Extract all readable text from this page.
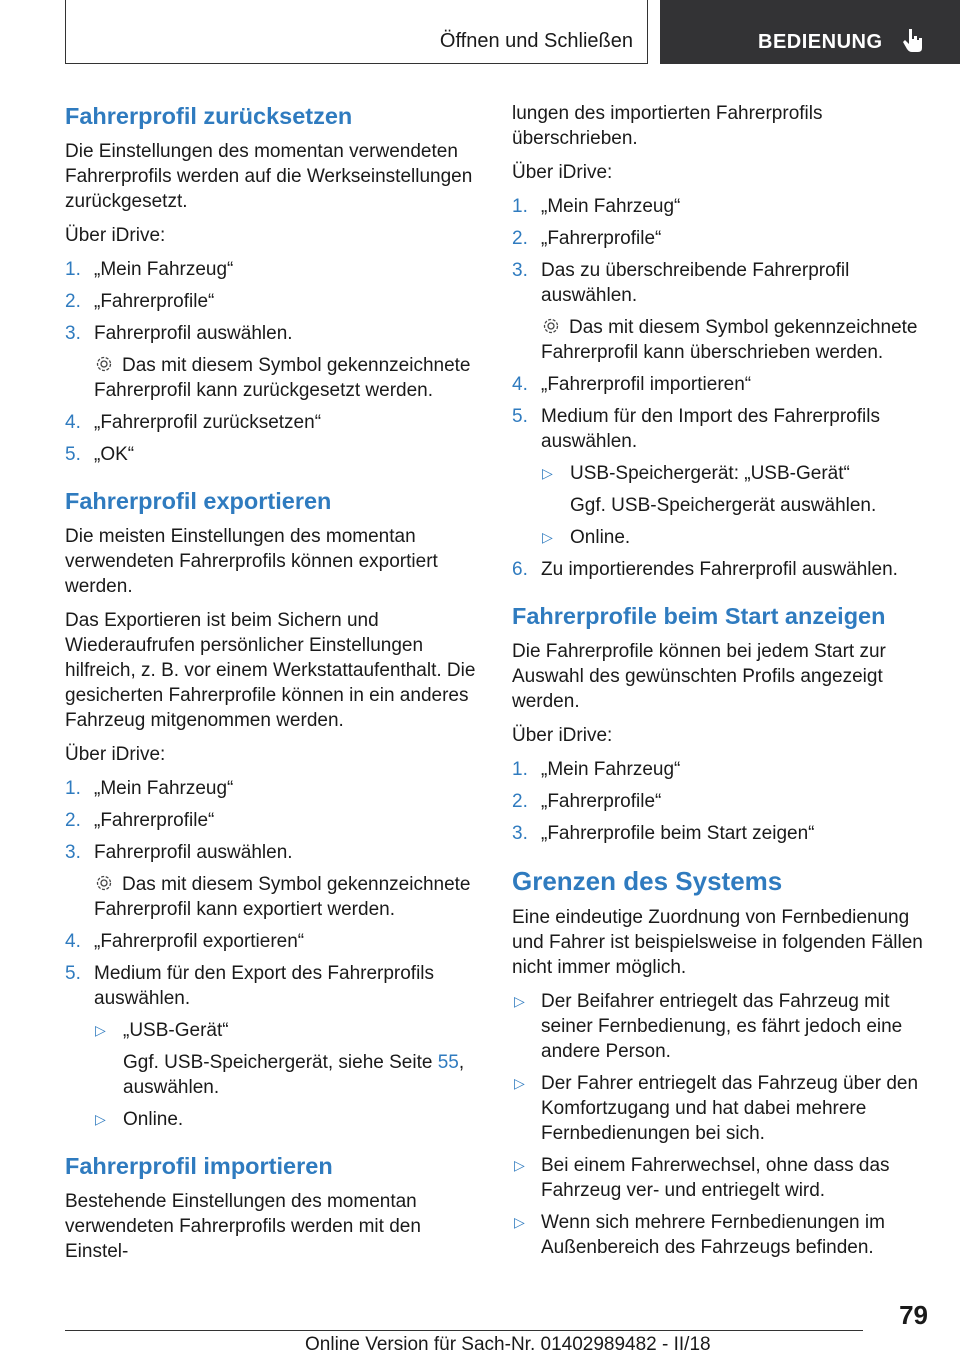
Öffnen und Schließen	BEDIENUNG
Fahrerprofil zurücksetzen

Die Einstellungen des momentan verwendeten Fahrerprofils werden auf die Werkseinstellungen zurückgesetzt.

Über iDrive:

1. „Mein Fahrzeug“
2. „Fahrerprofile“
3. Fahrerprofil auswählen.
Das mit diesem Symbol gekennzeichnete Fahrerprofil kann zurückgesetzt werden.
4. „Fahrerprofil zurücksetzen“
5. „OK“
Fahrerprofil exportieren

Die meisten Einstellungen des momentan verwendeten Fahrerprofils können exportiert werden.

Das Exportieren ist beim Sichern und Wiederaufrufen persönlicher Einstellungen hilfreich, z. B. vor einem Werkstattaufenthalt. Die gesicherten Fahrerprofile können in ein anderes Fahrzeug mitgenommen werden.

Über iDrive:

1. „Mein Fahrzeug“
2. „Fahrerprofile“
3. Fahrerprofil auswählen.
Das mit diesem Symbol gekennzeichnete Fahrerprofil kann exportiert werden.
4. „Fahrerprofil exportieren“
5. Medium für den Export des Fahrerprofils auswählen.
▷ „USB-Gerät“
Ggf. USB-Speichergerät, siehe Seite 55, auswählen.
▷ Online.
Fahrerprofil importieren

Bestehende Einstellungen des momentan verwendeten Fahrerprofils werden mit den Einstel-

lungen des importierten Fahrerprofils überschrieben.

Über iDrive:

1. „Mein Fahrzeug“
2. „Fahrerprofile“
3. Das zu überschreibende Fahrerprofil auswählen.
Das mit diesem Symbol gekennzeichnete Fahrerprofil kann überschrieben werden.
4. „Fahrerprofil importieren“
5. Medium für den Import des Fahrerprofils auswählen.
▷ USB-Speichergerät: „USB-Gerät“
Ggf. USB-Speichergerät auswählen.
▷ Online.
6. Zu importierendes Fahrerprofil auswählen.
Fahrerprofile beim Start anzeigen

Die Fahrerprofile können bei jedem Start zur Auswahl des gewünschten Profils angezeigt werden.

Über iDrive:

1. „Mein Fahrzeug“
2. „Fahrerprofile“
3. „Fahrerprofile beim Start zeigen“
Grenzen des Systems

Eine eindeutige Zuordnung von Fernbedienung und Fahrer ist beispielsweise in folgenden Fällen nicht immer möglich.

▷ Der Beifahrer entriegelt das Fahrzeug mit seiner Fernbedienung, es fährt jedoch eine andere Person.
▷ Der Fahrer entriegelt das Fahrzeug über den Komfortzugang und hat dabei mehrere Fernbedienungen bei sich.
▷ Bei einem Fahrerwechsel, ohne dass das Fahrzeug ver- und entriegelt wird.
▷ Wenn sich mehrere Fernbedienungen im Außenbereich des Fahrzeugs befinden.
79
Online Version für Sach-Nr. 01402989482 - II/18
